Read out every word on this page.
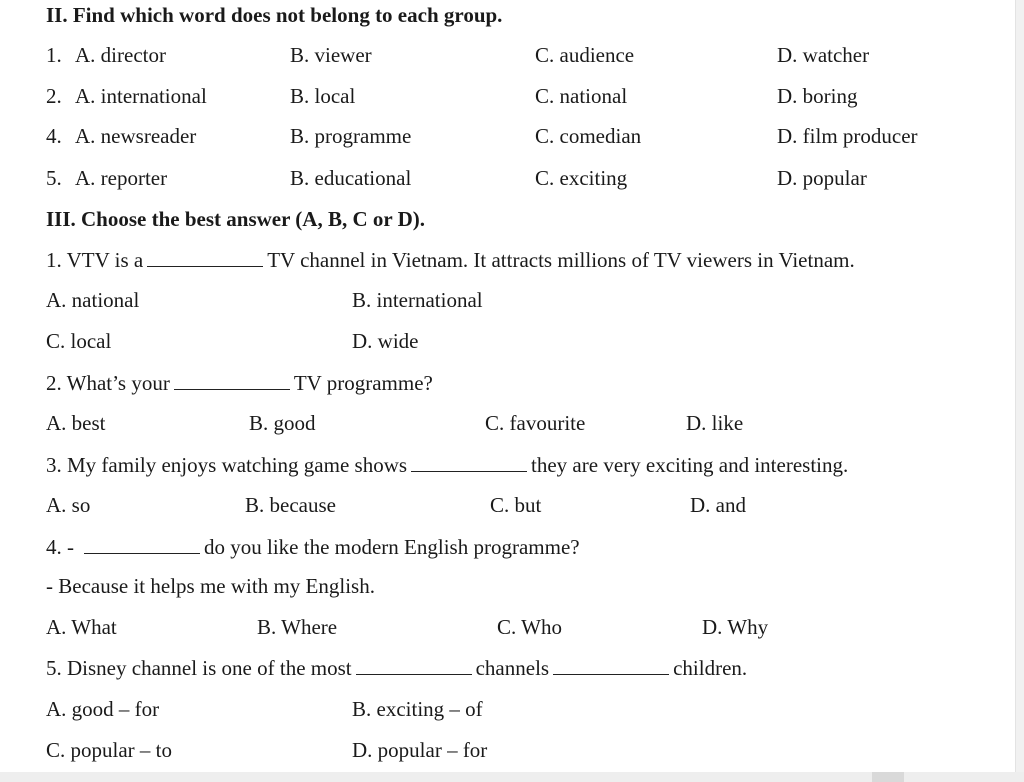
II. Find which word does not belong to each group.
1. A. director	B. viewer	C. audience	D. watcher
2. A. international	B. local	C. national	D. boring
4. A. newsreader	B. programme	C. comedian	D. film producer
5. A. reporter	B. educational	C. exciting	D. popular
III. Choose the best answer (A, B, C or D).
1. VTV is a	TV channel in Vietnam. It attracts millions of TV viewers in Vietnam.
A. national	B. international
C. local	D. wide
2. What’s your	TV programme?
A. best	B. good	C. favourite	D. like
3. My family enjoys watching game shows	they are very exciting and interesting.
A. so	B. because	C. but	D. and
4. -	do you like the modern English programme?
- Because it helps me with my English.
A. What	B. Where	C. Who	D. Why
5. Disney channel is one of the most	channels	children.
A. good – for	B. exciting – of
C. popular – to	D. popular – for
